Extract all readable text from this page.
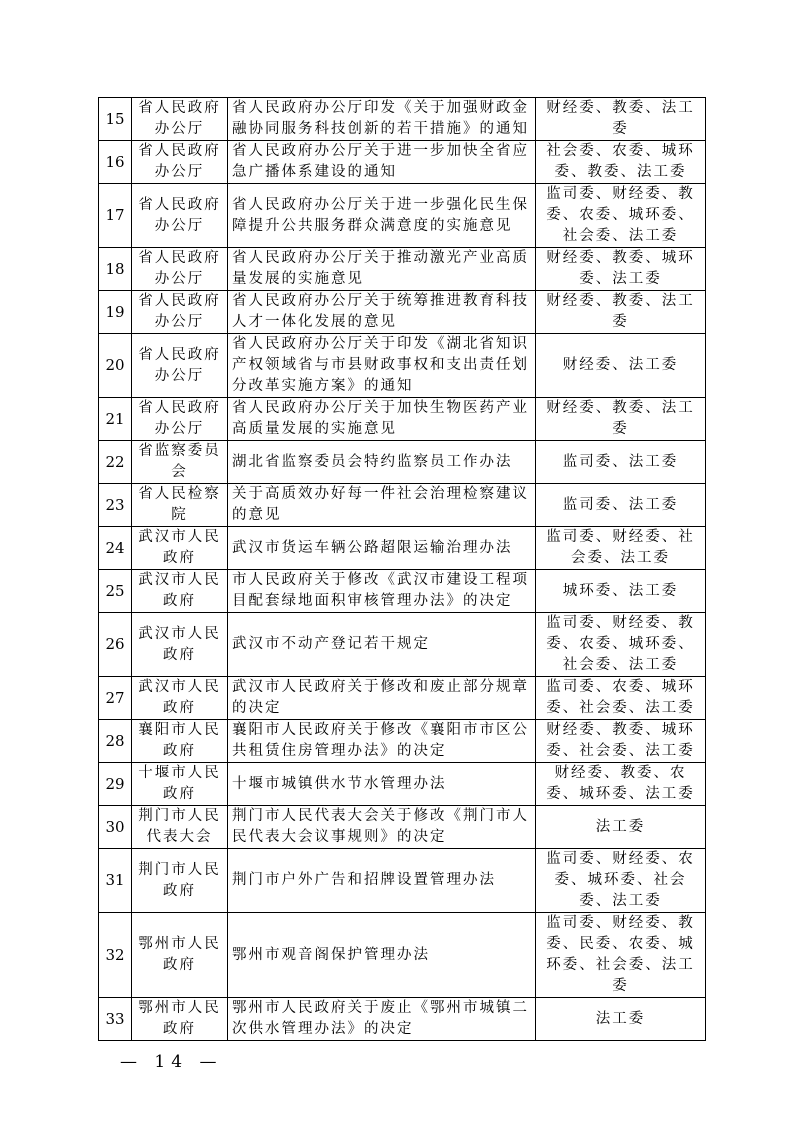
15	省人民政府办公厅	省人民政府办公厅印发《关于加强财政金融协同服务科技创新的若干措施》的通知	财经委、教委、法工委
16	省人民政府办公厅	省人民政府办公厅关于进一步加快全省应急广播体系建设的通知	社会委、农委、城环委、教委、法工委
17	省人民政府办公厅	省人民政府办公厅关于进一步强化民生保障提升公共服务群众满意度的实施意见	监司委、财经委、教委、农委、城环委、社会委、法工委
18	省人民政府办公厅	省人民政府办公厅关于推动激光产业高质量发展的实施意见	财经委、教委、城环委、法工委
19	省人民政府办公厅	省人民政府办公厅关于统筹推进教育科技人才一体化发展的意见	财经委、教委、法工委
20	省人民政府办公厅	省人民政府办公厅关于印发《湖北省知识产权领域省与市县财政事权和支出责任划分改革实施方案》的通知	财经委、法工委
21	省人民政府办公厅	省人民政府办公厅关于加快生物医药产业高质量发展的实施意见	财经委、教委、法工委
22	省监察委员会	湖北省监察委员会特约监察员工作办法	监司委、法工委
23	省人民检察院	关于高质效办好每一件社会治理检察建议的意见	监司委、法工委
24	武汉市人民政府	武汉市货运车辆公路超限运输治理办法	监司委、财经委、社会委、法工委
25	武汉市人民政府	市人民政府关于修改《武汉市建设工程项目配套绿地面积审核管理办法》的决定	城环委、法工委
26	武汉市人民政府	武汉市不动产登记若干规定	监司委、财经委、教委、农委、城环委、社会委、法工委
27	武汉市人民政府	武汉市人民政府关于修改和废止部分规章的决定	监司委、农委、城环委、社会委、法工委
28	襄阳市人民政府	襄阳市人民政府关于修改《襄阳市市区公共租赁住房管理办法》的决定	财经委、教委、城环委、社会委、法工委
29	十堰市人民政府	十堰市城镇供水节水管理办法	财经委、教委、农委、城环委、法工委
30	荆门市人民代表大会	荆门市人民代表大会关于修改《荆门市人民代表大会议事规则》的决定	法工委
31	荆门市人民政府	荆门市户外广告和招牌设置管理办法	监司委、财经委、农委、城环委、社会委、法工委
32	鄂州市人民政府	鄂州市观音阁保护管理办法	监司委、财经委、教委、民委、农委、城环委、社会委、法工委
33	鄂州市人民政府	鄂州市人民政府关于废止《鄂州市城镇二次供水管理办法》的决定	法工委
— 14 —
